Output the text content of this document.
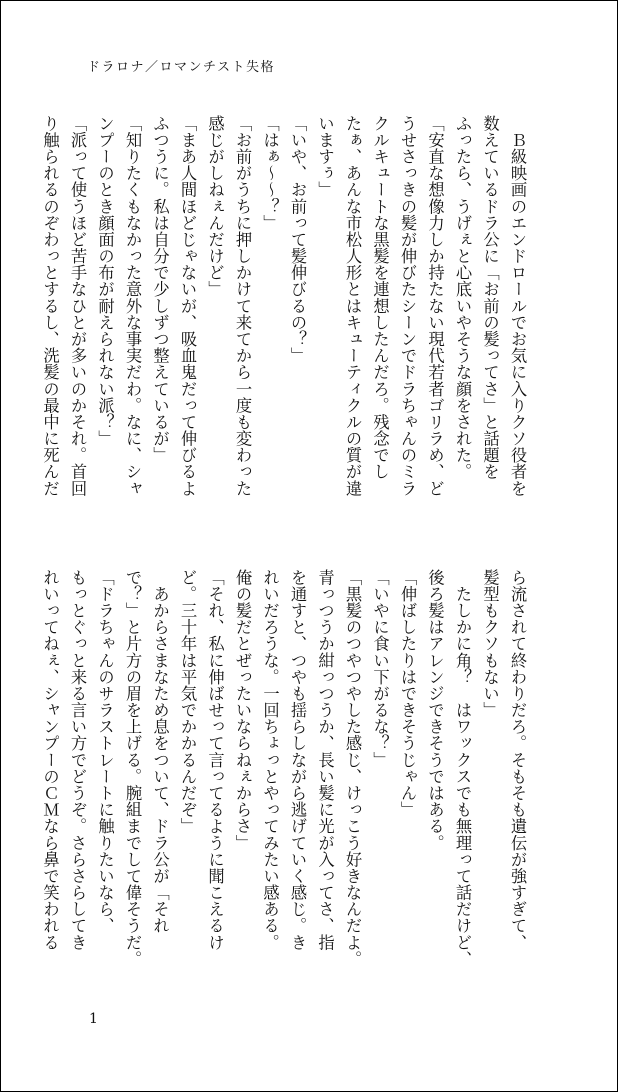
ドラロナ／ロマンチスト失格
　Ｂ級映画のエンドロールでお気に入りクソ役者を
数えているドラ公に「お前の髪ってさ」と話題を
ふったら、うげぇと心底いやそうな顔をされた。
「安直な想像力しか持たない現代若者ゴリラめ、ど
うせさっきの髪が伸びたシーンでドラちゃんのミラ
クルキュートな黒髪を連想したんだろ。残念でし
たぁ、あんな市松人形とはキューティクルの質が違
いますぅ」
「いや、お前って髪伸びるの？」
「はぁ〜〜？」
「お前がうちに押しかけて来てから一度も変わった
感じがしねぇんだけど」
「まあ人間ほどじゃないが、吸血鬼だって伸びるよ
ふつうに。私は自分で少しずつ整えているが」
「知りたくもなかった意外な事実だわ。なに、シャ
ンプーのとき顔面の布が耐えられない派？」
「派って使うほど苦手なひとが多いのかそれ。首回
り触られるのぞわっとするし、洗髪の最中に死んだ
ら流されて終わりだろ。そもそも遺伝が強すぎて、
髪型もクソもない」
　たしかに角？　はワックスでも無理って話だけど、
後ろ髪はアレンジできそうではある。
「伸ばしたりはできそうじゃん」
「いやに食い下がるな？」
「黒髪のつやつやした感じ、けっこう好きなんだよ。
青っつうか紺っつうか、長い髪に光が入ってさ、指
を通すと、つやも揺らしながら逃げていく感じ。き
れいだろうな。一回ちょっとやってみたい感ある。
俺の髪だとぜったいならねぇからさ」
「それ、私に伸ばせって言ってるように聞こえるけ
ど。三十年は平気でかかるんだぞ」
　あからさまなため息をついて、ドラ公が「それ
で？」と片方の眉を上げる。腕組までして偉そうだ。
「ドラちゃんのサラストレートに触りたいなら、
もっとぐっと来る言い方でどうぞ。さらさらしてき
れいってねぇ、シャンプーのＣＭなら鼻で笑われる
1
